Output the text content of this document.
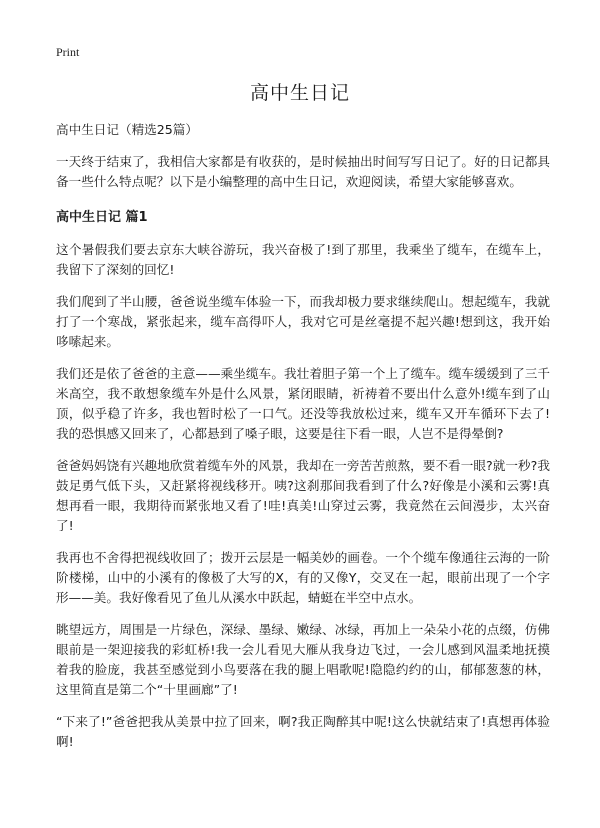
Print
高中生日记

高中生日记（精选25篇）

一天终于结束了，我相信大家都是有收获的，是时候抽出时间写写日记了。好的日记都具备一些什么特点呢？以下是小编整理的高中生日记，欢迎阅读，希望大家能够喜欢。

高中生日记 篇1

这个暑假我们要去京东大峡谷游玩，我兴奋极了!到了那里，我乘坐了缆车，在缆车上，我留下了深刻的回忆!

我们爬到了半山腰，爸爸说坐缆车体验一下，而我却极力要求继续爬山。想起缆车，我就打了一个寒战，紧张起来，缆车高得吓人，我对它可是丝毫提不起兴趣!想到这，我开始哆嗦起来。

我们还是依了爸爸的主意——乘坐缆车。我壮着胆子第一个上了缆车。缆车缓缓到了三千米高空，我不敢想象缆车外是什么风景，紧闭眼睛，祈祷着不要出什么意外!缆车到了山顶，似乎稳了许多，我也暂时松了一口气。还没等我放松过来，缆车又开车循环下去了!我的恐惧感又回来了，心都悬到了嗓子眼，这要是往下看一眼，人岂不是得晕倒?

爸爸妈妈饶有兴趣地欣赏着缆车外的风景，我却在一旁苦苦煎熬，要不看一眼?就一秒?我鼓足勇气低下头，又赶紧将视线移开。咦?这刹那间我看到了什么?好像是小溪和云雾!真想再看一眼，我期待而紧张地又看了!哇!真美!山穿过云雾，我竟然在云间漫步，太兴奋了!

我再也不舍得把视线收回了；拨开云层是一幅美妙的画卷。一个个缆车像通往云海的一阶阶楼梯，山中的小溪有的像极了大写的X，有的又像Y，交叉在一起，眼前出现了一个字形——美。我好像看见了鱼儿从溪水中跃起，蜻蜓在半空中点水。

眺望远方，周围是一片绿色，深绿、墨绿、嫩绿、冰绿，再加上一朵朵小花的点缀，仿佛眼前是一架迎接我的彩虹桥!我一会儿看见大雁从我身边飞过，一会儿感到风温柔地抚摸着我的脸庞，我甚至感觉到小鸟要落在我的腿上唱歌呢!隐隐约约的山，郁郁葱葱的林，这里简直是第二个“十里画廊”了!

“下来了!”爸爸把我从美景中拉了回来，啊?我正陶醉其中呢!这么快就结束了!真想再体验啊!
